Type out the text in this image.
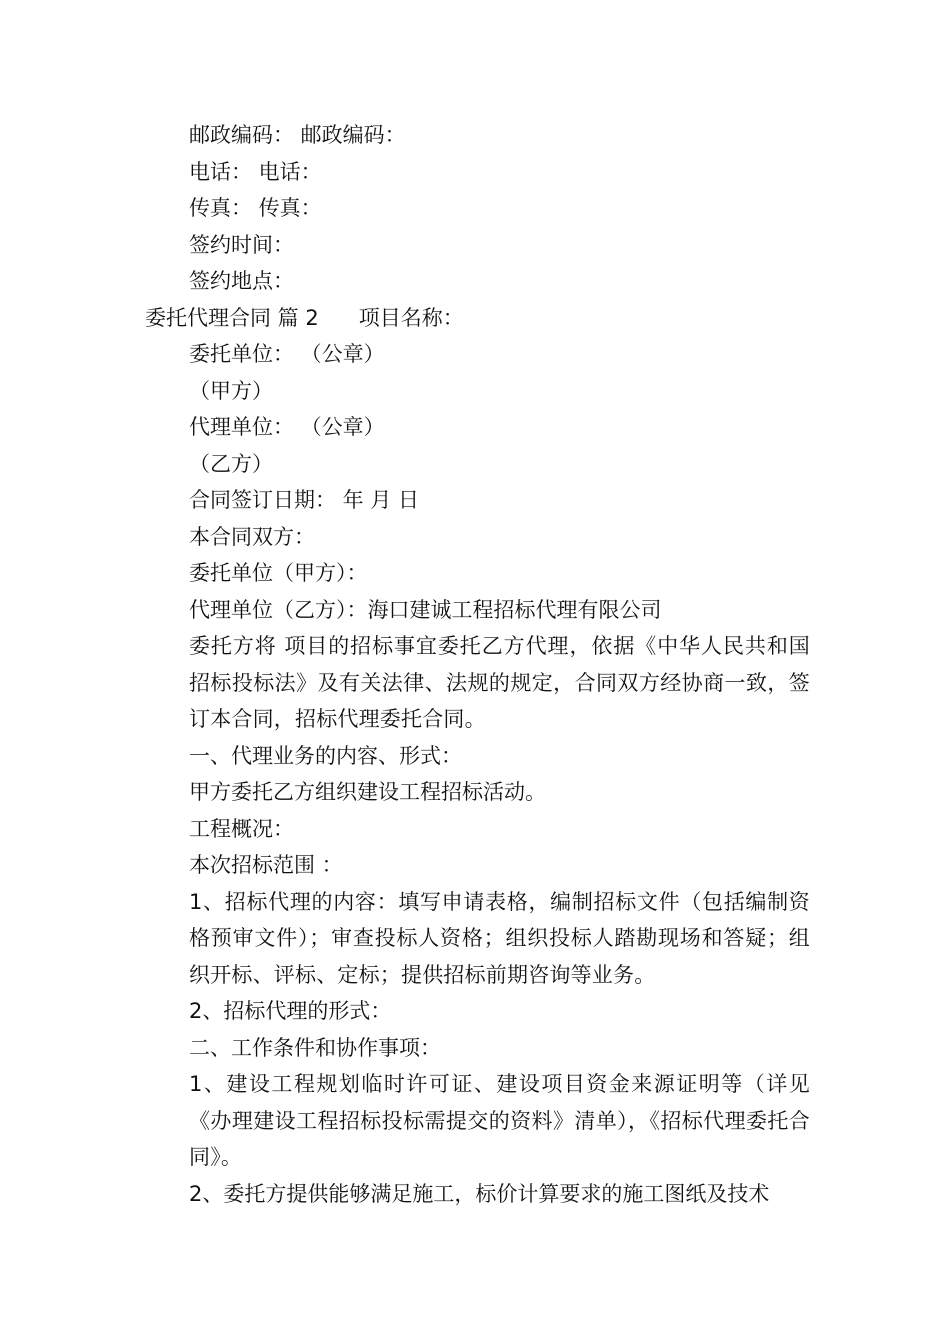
邮政编码： 邮政编码：

电话： 电话：

传真： 传真：

签约时间：

签约地点：

委托代理合同 篇 2 项目名称：

委托单位： （公章）

（甲方）

代理单位： （公章）

（乙方）

合同签订日期： 年 月 日

本合同双方：

委托单位（甲方）：

代理单位（乙方）：海口建诚工程招标代理有限公司

委托方将 项目的招标事宜委托乙方代理，依据《中华人民共和国招标投标法》及有关法律、法规的规定，合同双方经协商一致，签订本合同，招标代理委托合同。

一、代理业务的内容、形式：

甲方委托乙方组织建设工程招标活动。

工程概况：

本次招标范围 ：

1、招标代理的内容：填写申请表格，编制招标文件（包括编制资格预审文件）；审查投标人资格；组织投标人踏勘现场和答疑；组织开标、评标、定标；提供招标前期咨询等业务。

2、招标代理的形式：

二、工作条件和协作事项：

1、建设工程规划临时许可证、建设项目资金来源证明等（详见《办理建设工程招标投标需提交的资料》清单），《招标代理委托合同》。

2、委托方提供能够满足施工，标价计算要求的施工图纸及技术
